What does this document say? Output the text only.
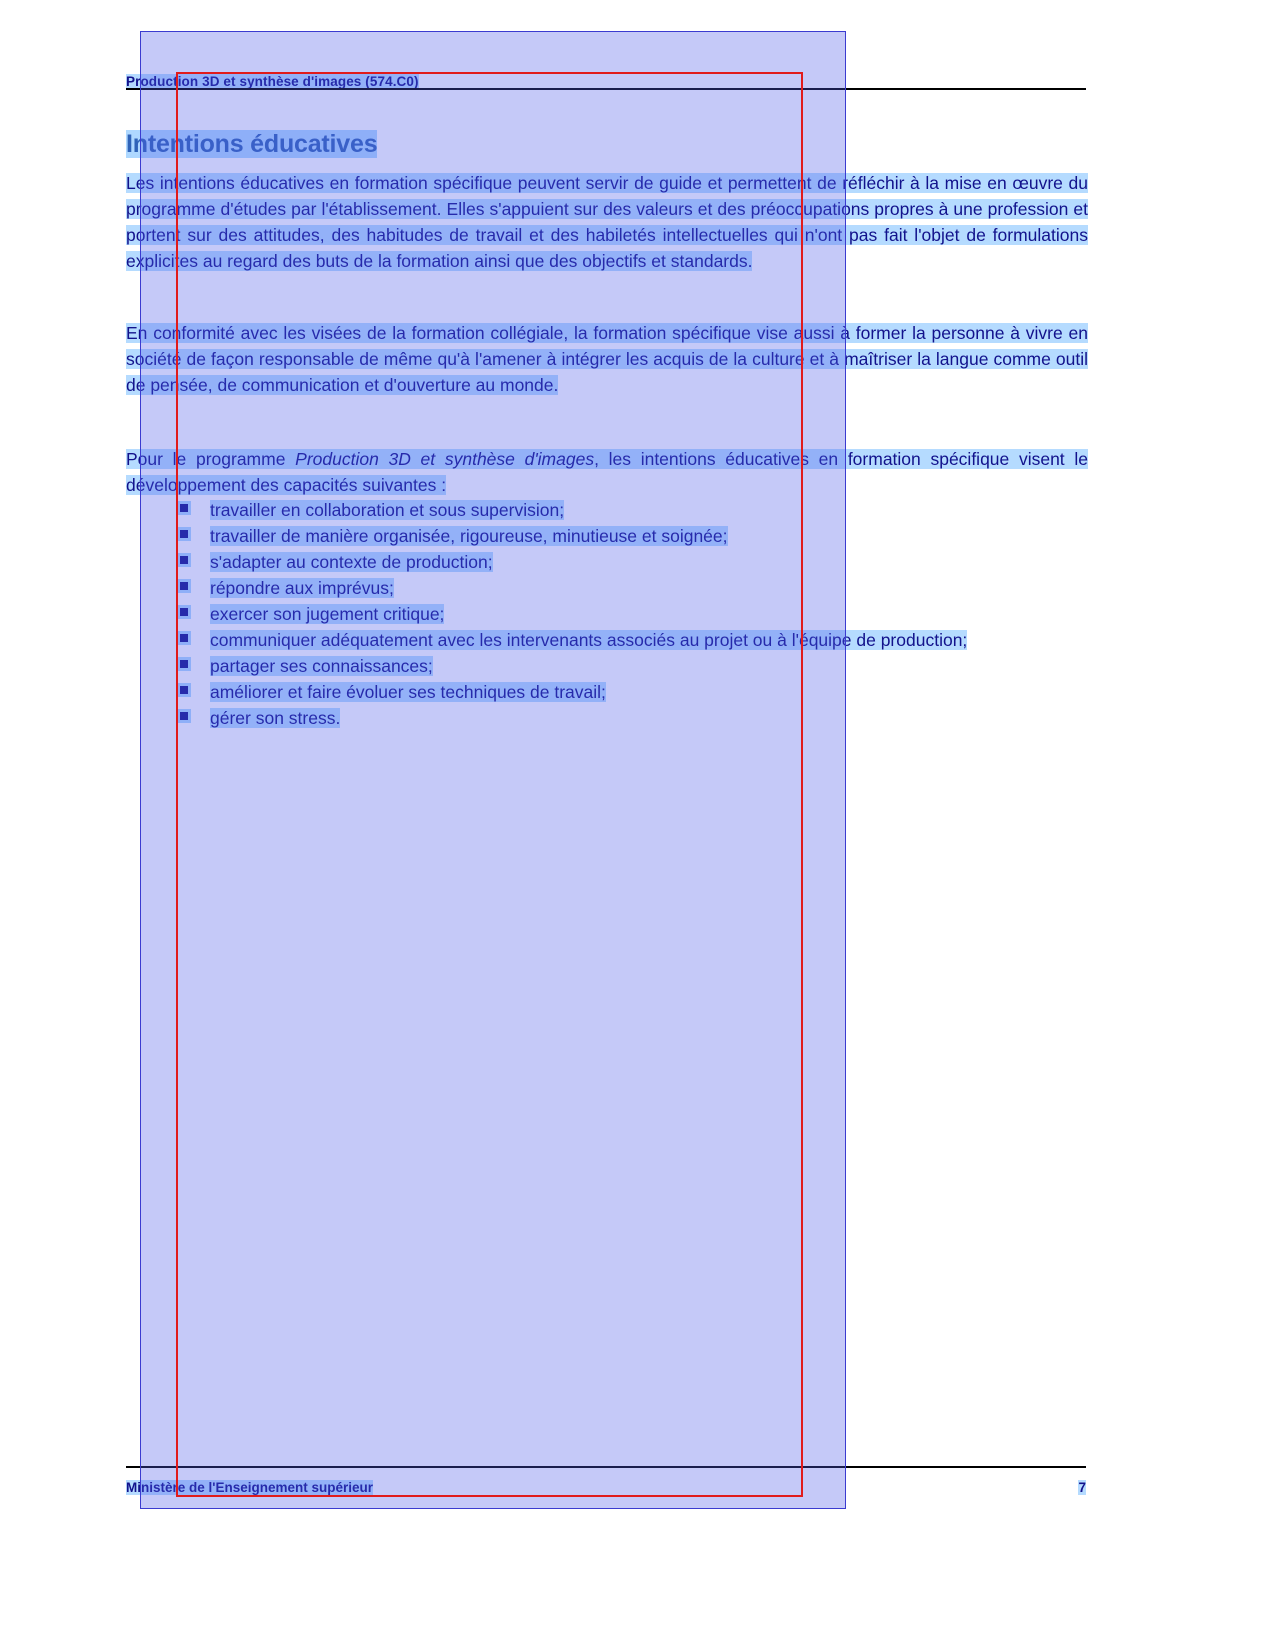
Production 3D et synthèse d'images (574.C0)
Intentions éducatives
Les intentions éducatives en formation spécifique peuvent servir de guide et permettent de réfléchir à la mise en œuvre du programme d'études par l'établissement. Elles s'appuient sur des valeurs et des préoccupations propres à une profession et portent sur des attitudes, des habitudes de travail et des habiletés intellectuelles qui n'ont pas fait l'objet de formulations explicites au regard des buts de la formation ainsi que des objectifs et standards.
En conformité avec les visées de la formation collégiale, la formation spécifique vise aussi à former la personne à vivre en société de façon responsable de même qu'à l'amener à intégrer les acquis de la culture et à maîtriser la langue comme outil de pensée, de communication et d'ouverture au monde.
Pour le programme Production 3D et synthèse d'images, les intentions éducatives en formation spécifique visent le développement des capacités suivantes :
travailler en collaboration et sous supervision;
travailler de manière organisée, rigoureuse, minutieuse et soignée;
s'adapter au contexte de production;
répondre aux imprévus;
exercer son jugement critique;
communiquer adéquatement avec les intervenants associés au projet ou à l'équipe de production;
partager ses connaissances;
améliorer et faire évoluer ses techniques de travail;
gérer son stress.
Ministère de l'Enseignement supérieur	7
